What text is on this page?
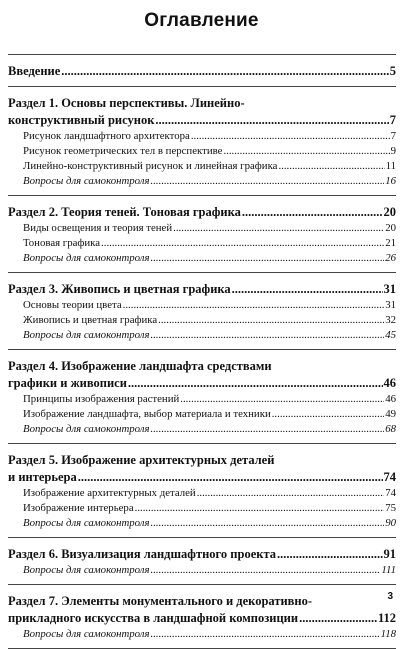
Оглавление
Введение .....	5
Раздел 1. Основы перспективы. Линейно-
конструктивный рисунок .....	7
Рисунок ландшафтного архитектора .....	7
Рисунок геометрических тел в перспективе .....	9
Линейно-конструктивный рисунок и линейная графика .....	11
Вопросы для самоконтроля .....	16
Раздел 2. Теория теней. Тоновая графика .....	20
Виды освещения и теория теней .....	20
Тоновая графика .....	21
Вопросы для самоконтроля .....	26
Раздел 3. Живопись и цветная графика .....	31
Основы теории цвета .....	31
Живопись и цветная графика .....	32
Вопросы для самоконтроля .....	45
Раздел 4. Изображение ландшафта средствами
графики и живописи .....	46
Принципы изображения растений .....	46
Изображение ландшафта, выбор материала и техники .....	49
Вопросы для самоконтроля .....	68
Раздел 5. Изображение архитектурных деталей
и интерьера .....	74
Изображение архитектурных деталей .....	74
Изображение интерьера .....	75
Вопросы для самоконтроля .....	90
Раздел 6. Визуализация ландшафтного проекта .....	91
Вопросы для самоконтроля .....	111
Раздел 7. Элементы монументального и декоративно-
прикладного искусства в ландшафной композиции .....	112
Вопросы для самоконтроля .....	118
3
